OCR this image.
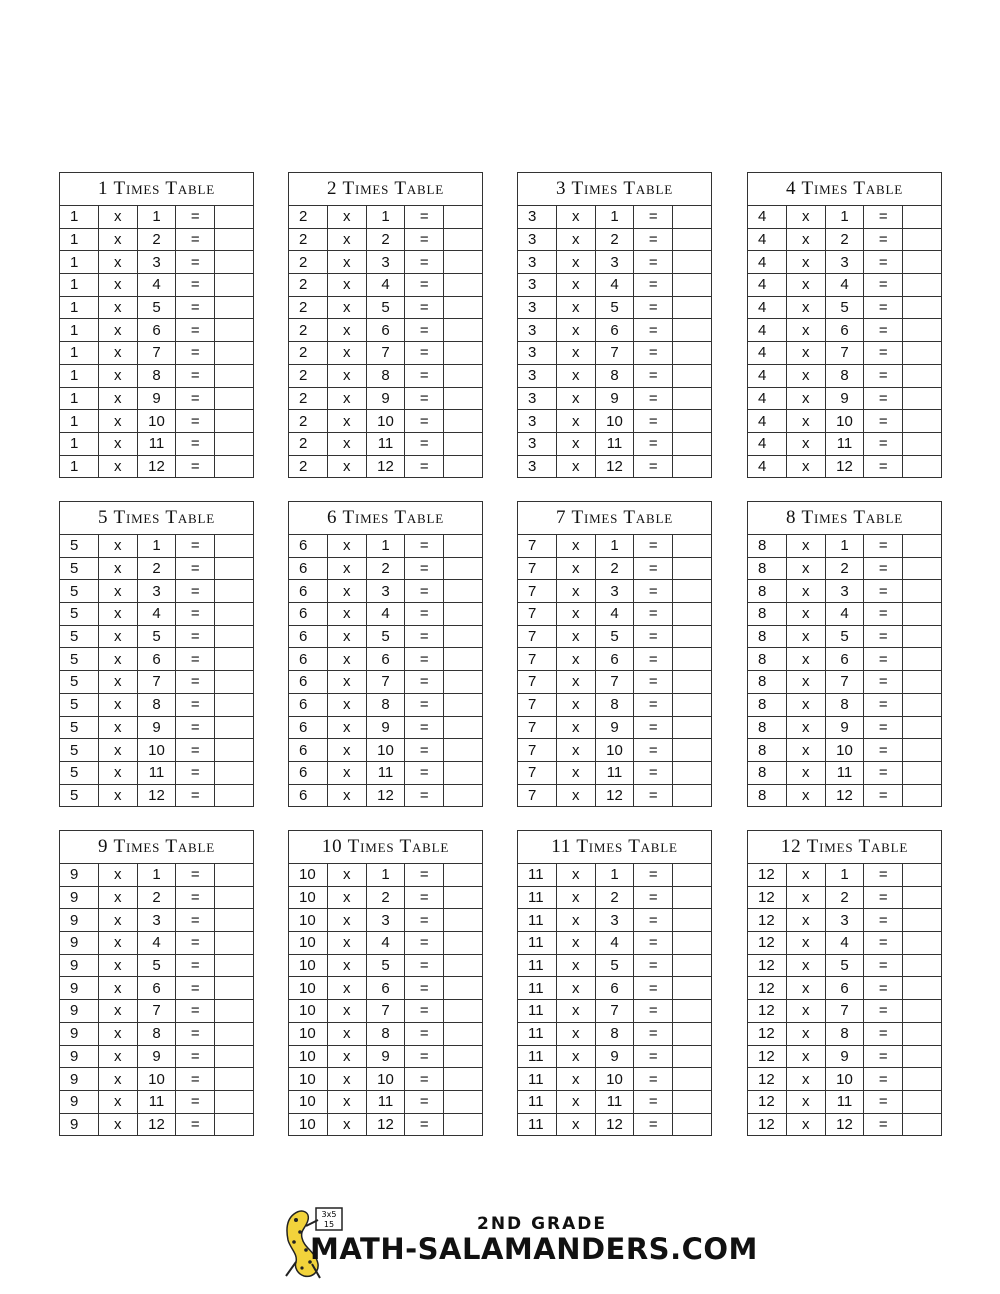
1 Times Table				
1	x	1	=	
1	x	2	=	
1	x	3	=	
1	x	4	=	
1	x	5	=	
1	x	6	=	
1	x	7	=	
1	x	8	=	
1	x	9	=	
1	x	10	=	
1	x	11	=	
1	x	12	=	
2 Times Table				
2	x	1	=	
2	x	2	=	
2	x	3	=	
2	x	4	=	
2	x	5	=	
2	x	6	=	
2	x	7	=	
2	x	8	=	
2	x	9	=	
2	x	10	=	
2	x	11	=	
2	x	12	=	
3 Times Table				
3	x	1	=	
3	x	2	=	
3	x	3	=	
3	x	4	=	
3	x	5	=	
3	x	6	=	
3	x	7	=	
3	x	8	=	
3	x	9	=	
3	x	10	=	
3	x	11	=	
3	x	12	=	
4 Times Table				
4	x	1	=	
4	x	2	=	
4	x	3	=	
4	x	4	=	
4	x	5	=	
4	x	6	=	
4	x	7	=	
4	x	8	=	
4	x	9	=	
4	x	10	=	
4	x	11	=	
4	x	12	=	
5 Times Table				
5	x	1	=	
5	x	2	=	
5	x	3	=	
5	x	4	=	
5	x	5	=	
5	x	6	=	
5	x	7	=	
5	x	8	=	
5	x	9	=	
5	x	10	=	
5	x	11	=	
5	x	12	=	
6 Times Table				
6	x	1	=	
6	x	2	=	
6	x	3	=	
6	x	4	=	
6	x	5	=	
6	x	6	=	
6	x	7	=	
6	x	8	=	
6	x	9	=	
6	x	10	=	
6	x	11	=	
6	x	12	=	
7 Times Table				
7	x	1	=	
7	x	2	=	
7	x	3	=	
7	x	4	=	
7	x	5	=	
7	x	6	=	
7	x	7	=	
7	x	8	=	
7	x	9	=	
7	x	10	=	
7	x	11	=	
7	x	12	=	
8 Times Table				
8	x	1	=	
8	x	2	=	
8	x	3	=	
8	x	4	=	
8	x	5	=	
8	x	6	=	
8	x	7	=	
8	x	8	=	
8	x	9	=	
8	x	10	=	
8	x	11	=	
8	x	12	=	
9 Times Table				
9	x	1	=	
9	x	2	=	
9	x	3	=	
9	x	4	=	
9	x	5	=	
9	x	6	=	
9	x	7	=	
9	x	8	=	
9	x	9	=	
9	x	10	=	
9	x	11	=	
9	x	12	=	
10 Times Table				
10	x	1	=	
10	x	2	=	
10	x	3	=	
10	x	4	=	
10	x	5	=	
10	x	6	=	
10	x	7	=	
10	x	8	=	
10	x	9	=	
10	x	10	=	
10	x	11	=	
10	x	12	=	
11 Times Table				
11	x	1	=	
11	x	2	=	
11	x	3	=	
11	x	4	=	
11	x	5	=	
11	x	6	=	
11	x	7	=	
11	x	8	=	
11	x	9	=	
11	x	10	=	
11	x	11	=	
11	x	12	=	
12 Times Table				
12	x	1	=	
12	x	2	=	
12	x	3	=	
12	x	4	=	
12	x	5	=	
12	x	6	=	
12	x	7	=	
12	x	8	=	
12	x	9	=	
12	x	10	=	
12	x	11	=	
12	x	12	=	
3x5
15	2ND GRADE
MATH-SALAMANDERS.COM
